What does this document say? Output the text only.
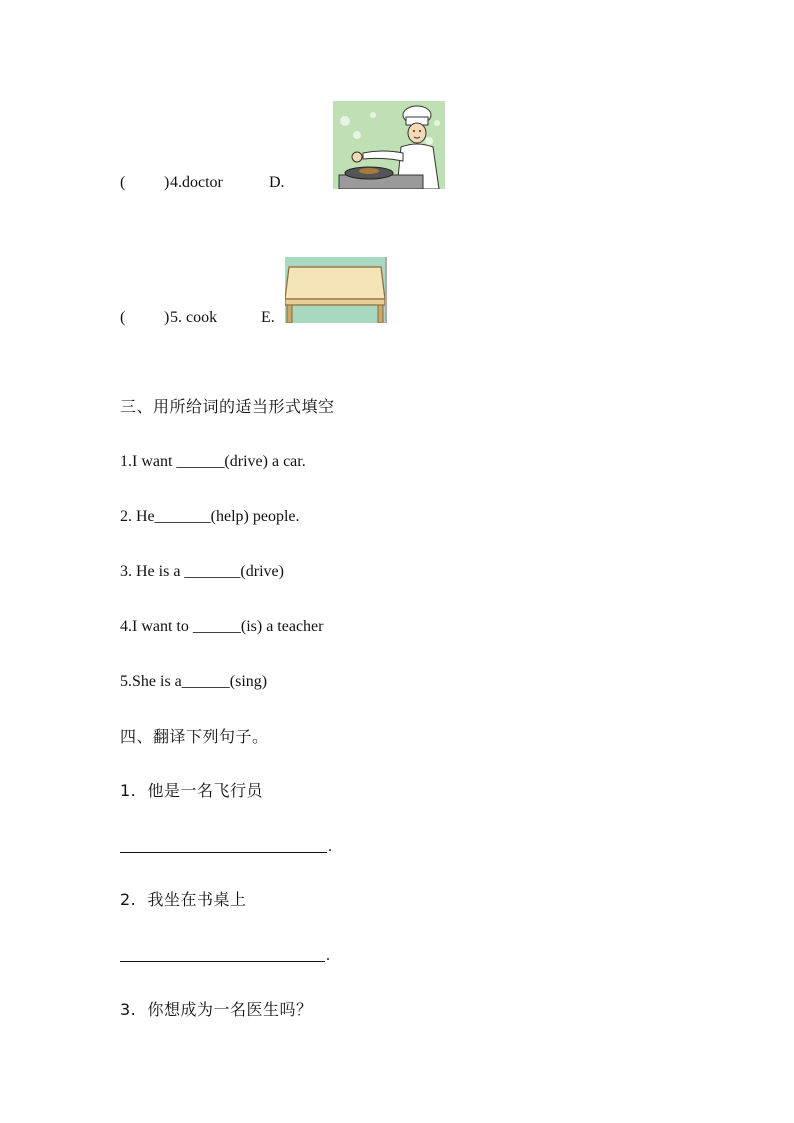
(

)

4.doctor

	D.

(

)

5. cook

	E.

三、用所给词的适当形式填空
1.I want ______(drive) a car.
2. He_______(help) people.
3. He is a _______(drive)
4.I want to ______(is) a teacher
5.She is a______(sing)
四、翻译下列句子。
1.  他是一名飞行员
.
2.  我坐在书桌上
.
3.  你想成为一名医生吗？
